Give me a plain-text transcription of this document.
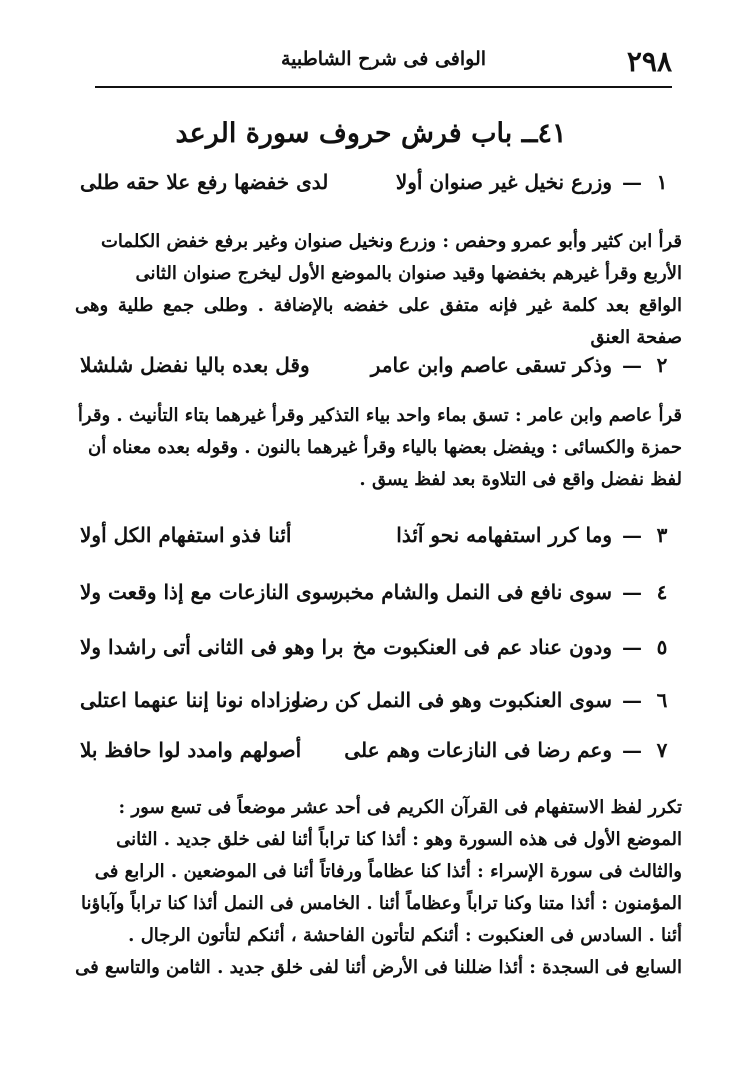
٢٩٨
الوافى فى شرح الشاطبية
٤١ــ باب فرش حروف سورة الرعد
١
—
وزرع نخيل غير صنوان أولا
لدى خفضها رفع علا حقه طلى

قرأ ابن كثير وأبو عمرو وحفص : وزرع ونخيل صنوان وغير برفع خفض الكلمات

الأربع وقرأ غيرهم بخفضها وقيد صنوان بالموضع الأول ليخرج صنوان الثانى

الواقع بعد كلمة غير فإنه متفق على خفضه بالإضافة . وطلى جمع طلية وهى صفحة العنق

٢
—
وذكر تسقى عاصم وابن عامر
وقل بعده باليا نفضل شلشلا

قرأ عاصم وابن عامر : تسق بماء واحد بياء التذكير وقرأ غيرهما بتاء التأنيث . وقرأ

حمزة والكسائى : ويفضل بعضها بالياء وقرأ غيرهما بالنون . وقوله بعده معناه أن

لفظ نفضل واقع فى التلاوة بعد لفظ يسق .

٣
—
وما كرر استفهامه نحو آئذا
أئنا فذو استفهام الكل أولا
٤
—
سوى نافع فى النمل والشام مخبر
سوى النازعات مع إذا وقعت ولا
٥
—
ودون عناد عم فى العنكبوت مخ
برا وهو فى الثانى أتى راشدا ولا
٦
—
سوى العنكبوت وهو فى النمل كن رضا
وزاداه نونا إننا عنهما اعتلى
٧
—
وعم رضا فى النازعات وهم على
أصولهم وامدد لوا حافظ بلا

تكرر لفظ الاستفهام فى القرآن الكريم فى أحد عشر موضعاً فى تسع سور :

الموضع الأول فى هذه السورة وهو : أئذا كنا تراباً أئنا لفى خلق جديد . الثانى

والثالث فى سورة الإسراء : أئذا كنا عظاماً ورفاتاً أئنا فى الموضعين . الرابع فى

المؤمنون : أئذا متنا وكنا تراباً وعظاماً أئنا . الخامس فى النمل أئذا كنا تراباً وآباؤنا

أئنا . السادس فى العنكبوت : أئنكم لتأتون الفاحشة ، أئنكم لتأتون الرجال .

السابع فى السجدة : أئذا ضللنا فى الأرض أئنا لفى خلق جديد . الثامن والتاسع فى
